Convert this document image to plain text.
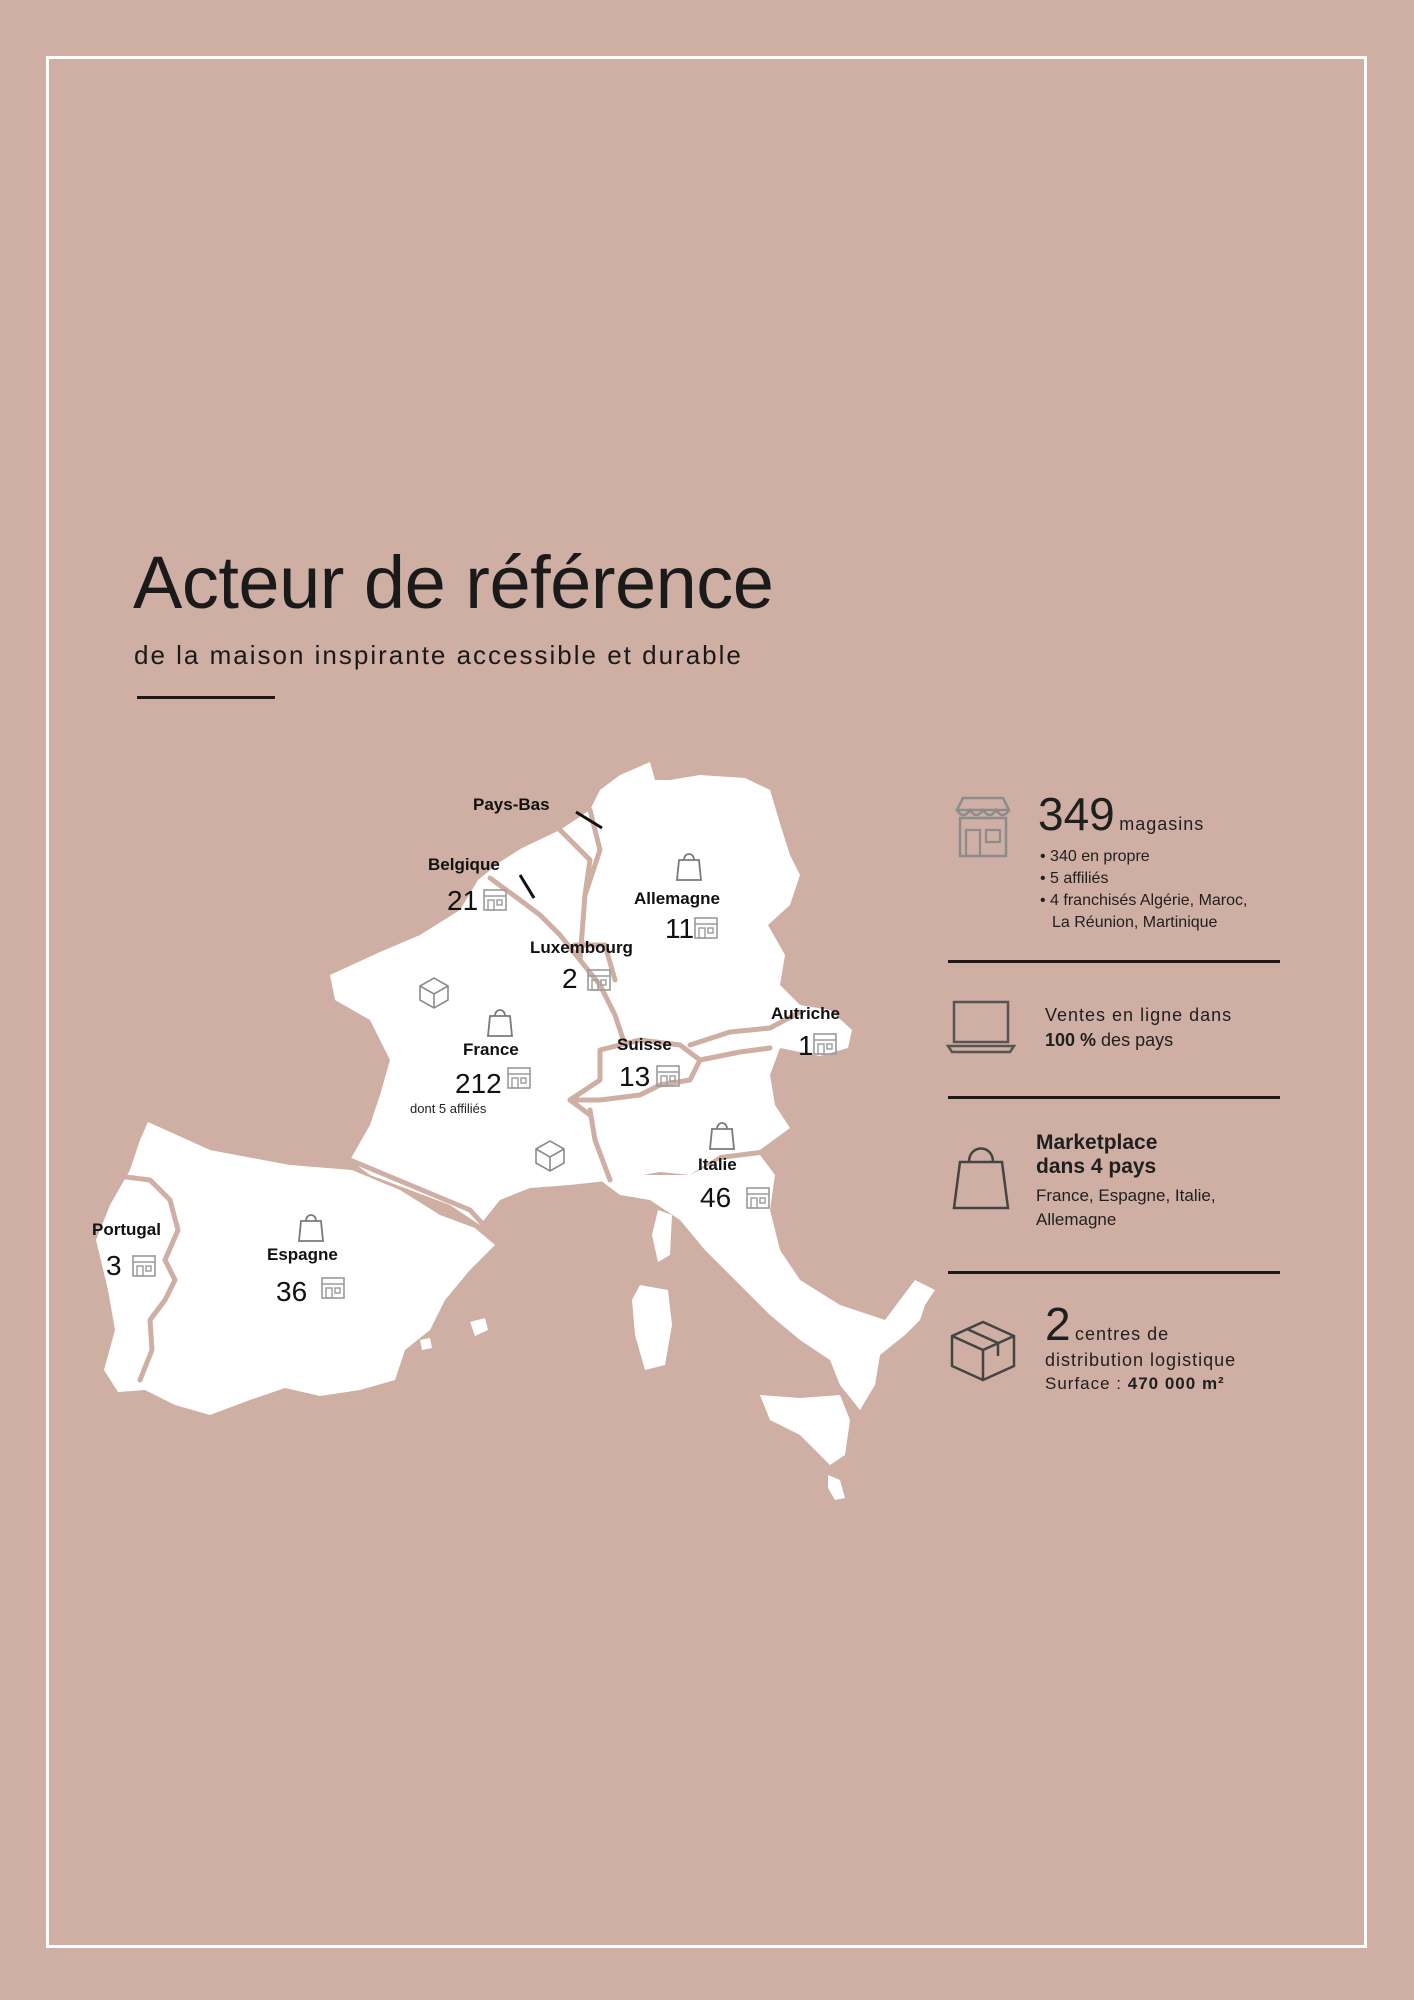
Acteur de référence
de la maison inspirante accessible et durable
Pays-Bas
Belgique
21	Allemagne
11
Luxembourg
2
Autriche
1
Suisse
13
France
212
dont 5 affiliés
Italie
46
Portugal
3	Espagne
36
349 magasins
• 340 en propre
• 5 affiliés
• 4 franchisés Algérie, Maroc,
La Réunion, Martinique
Ventes en ligne dans
100 % des pays
Marketplace
dans 4 pays
France, Espagne, Italie,
Allemagne
2 centres de
distribution logistique
Surface : 470 000 m²
